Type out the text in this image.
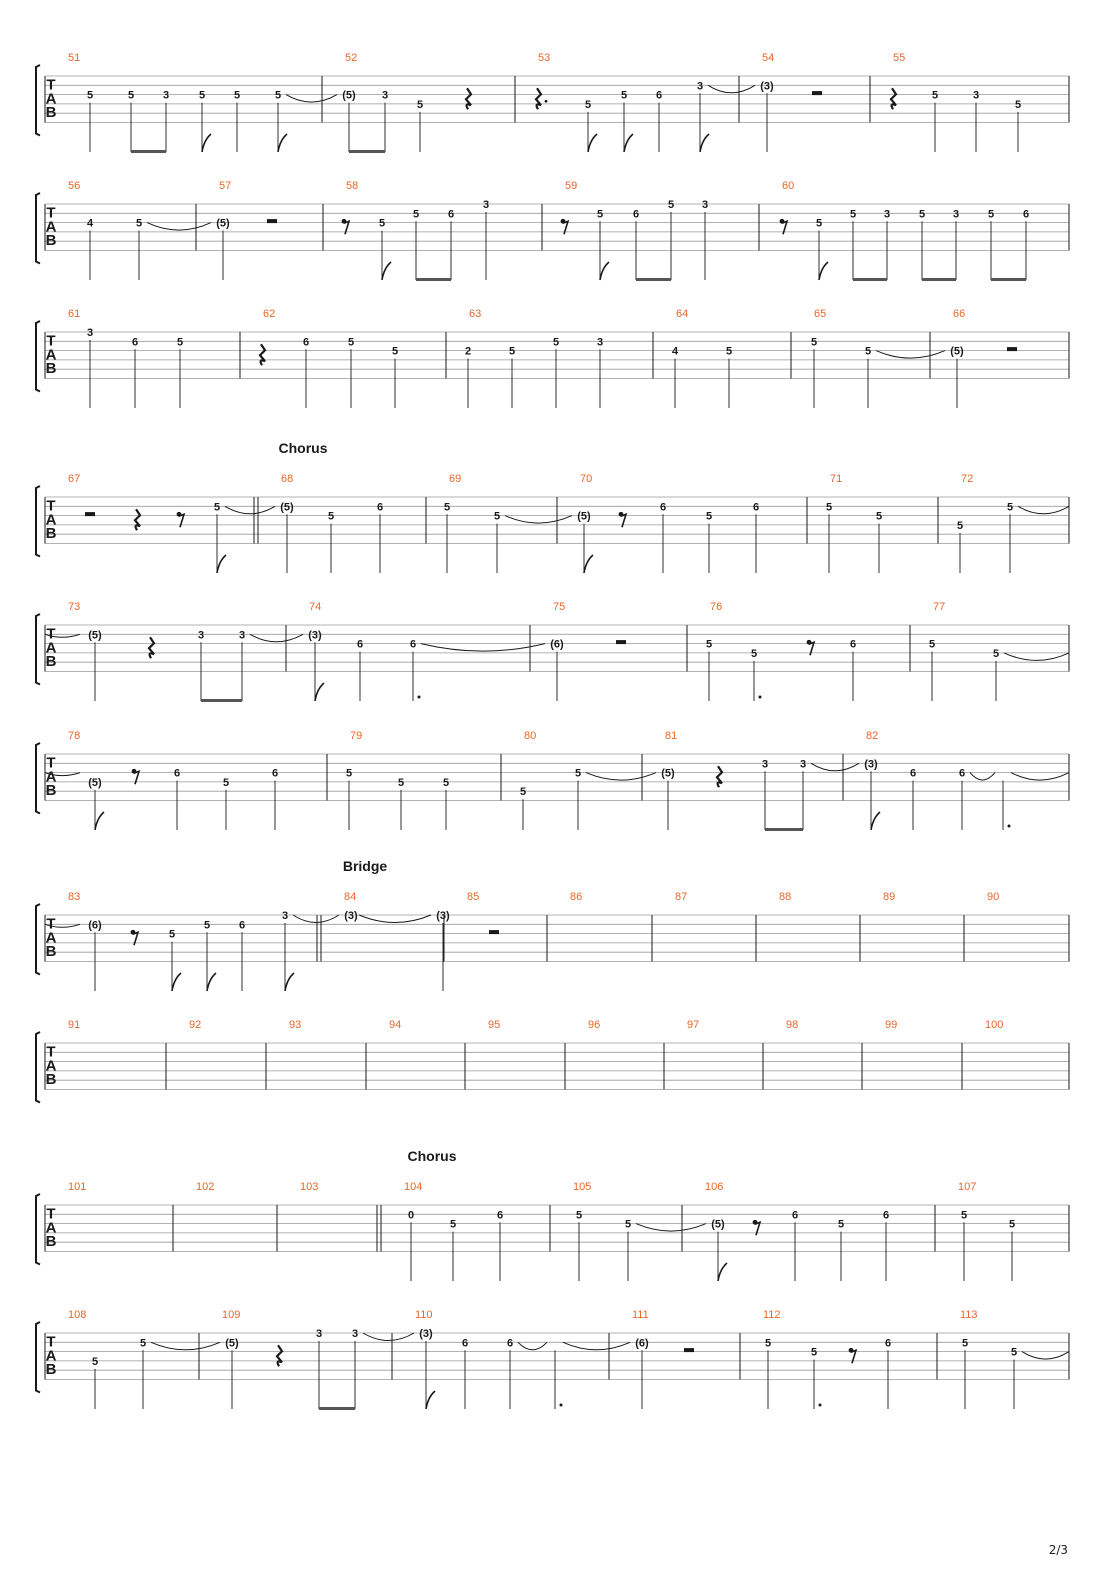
T
A
B
51
5	5	3	5	5	5
52
(5) 3
5
53
5
5	6
3
54
(3)
55
5	3
5
T
A
B
56
4	5
57
(5)
58
5
5	6
3
59
5	6
5	3
60
5
5	3	5	3	5	6
T
A
B
61
3
6	5
62
6	5
5
63
2	5
5	3
64
4	5
65
5
5
66
(5)
T
A
B
Chorus
67
5
68
(5)
5
6
69
5
5
70
(5)
6
5
6
71
5
5
72
5
5
T
A
B
73
(5)	3	3
74
(3)
6	6
75
(6)
76
5
5
6
77
5
5
T
A
B
78
(5)
6
5
6
79
5
5	5
80
5
5
81
(5)
3	3
82
(3)
6	6
T
A
B
Bridge
83
(6)
5
5	6
3
84
(3)
85
(3)
86	87	88	89	90
T
A
B
91	92	93	94	95	96	97	98	99	100
T
A
B
Chorus
101	102	103	104
0
5
6
105
5
5
106
(5)
6
5
6
107
5
5
T
A
B
108
5
5
109
(5)
3	3
110
(3)
6	6
111
(6)
112
5
5
6
113
5
5
2/3
